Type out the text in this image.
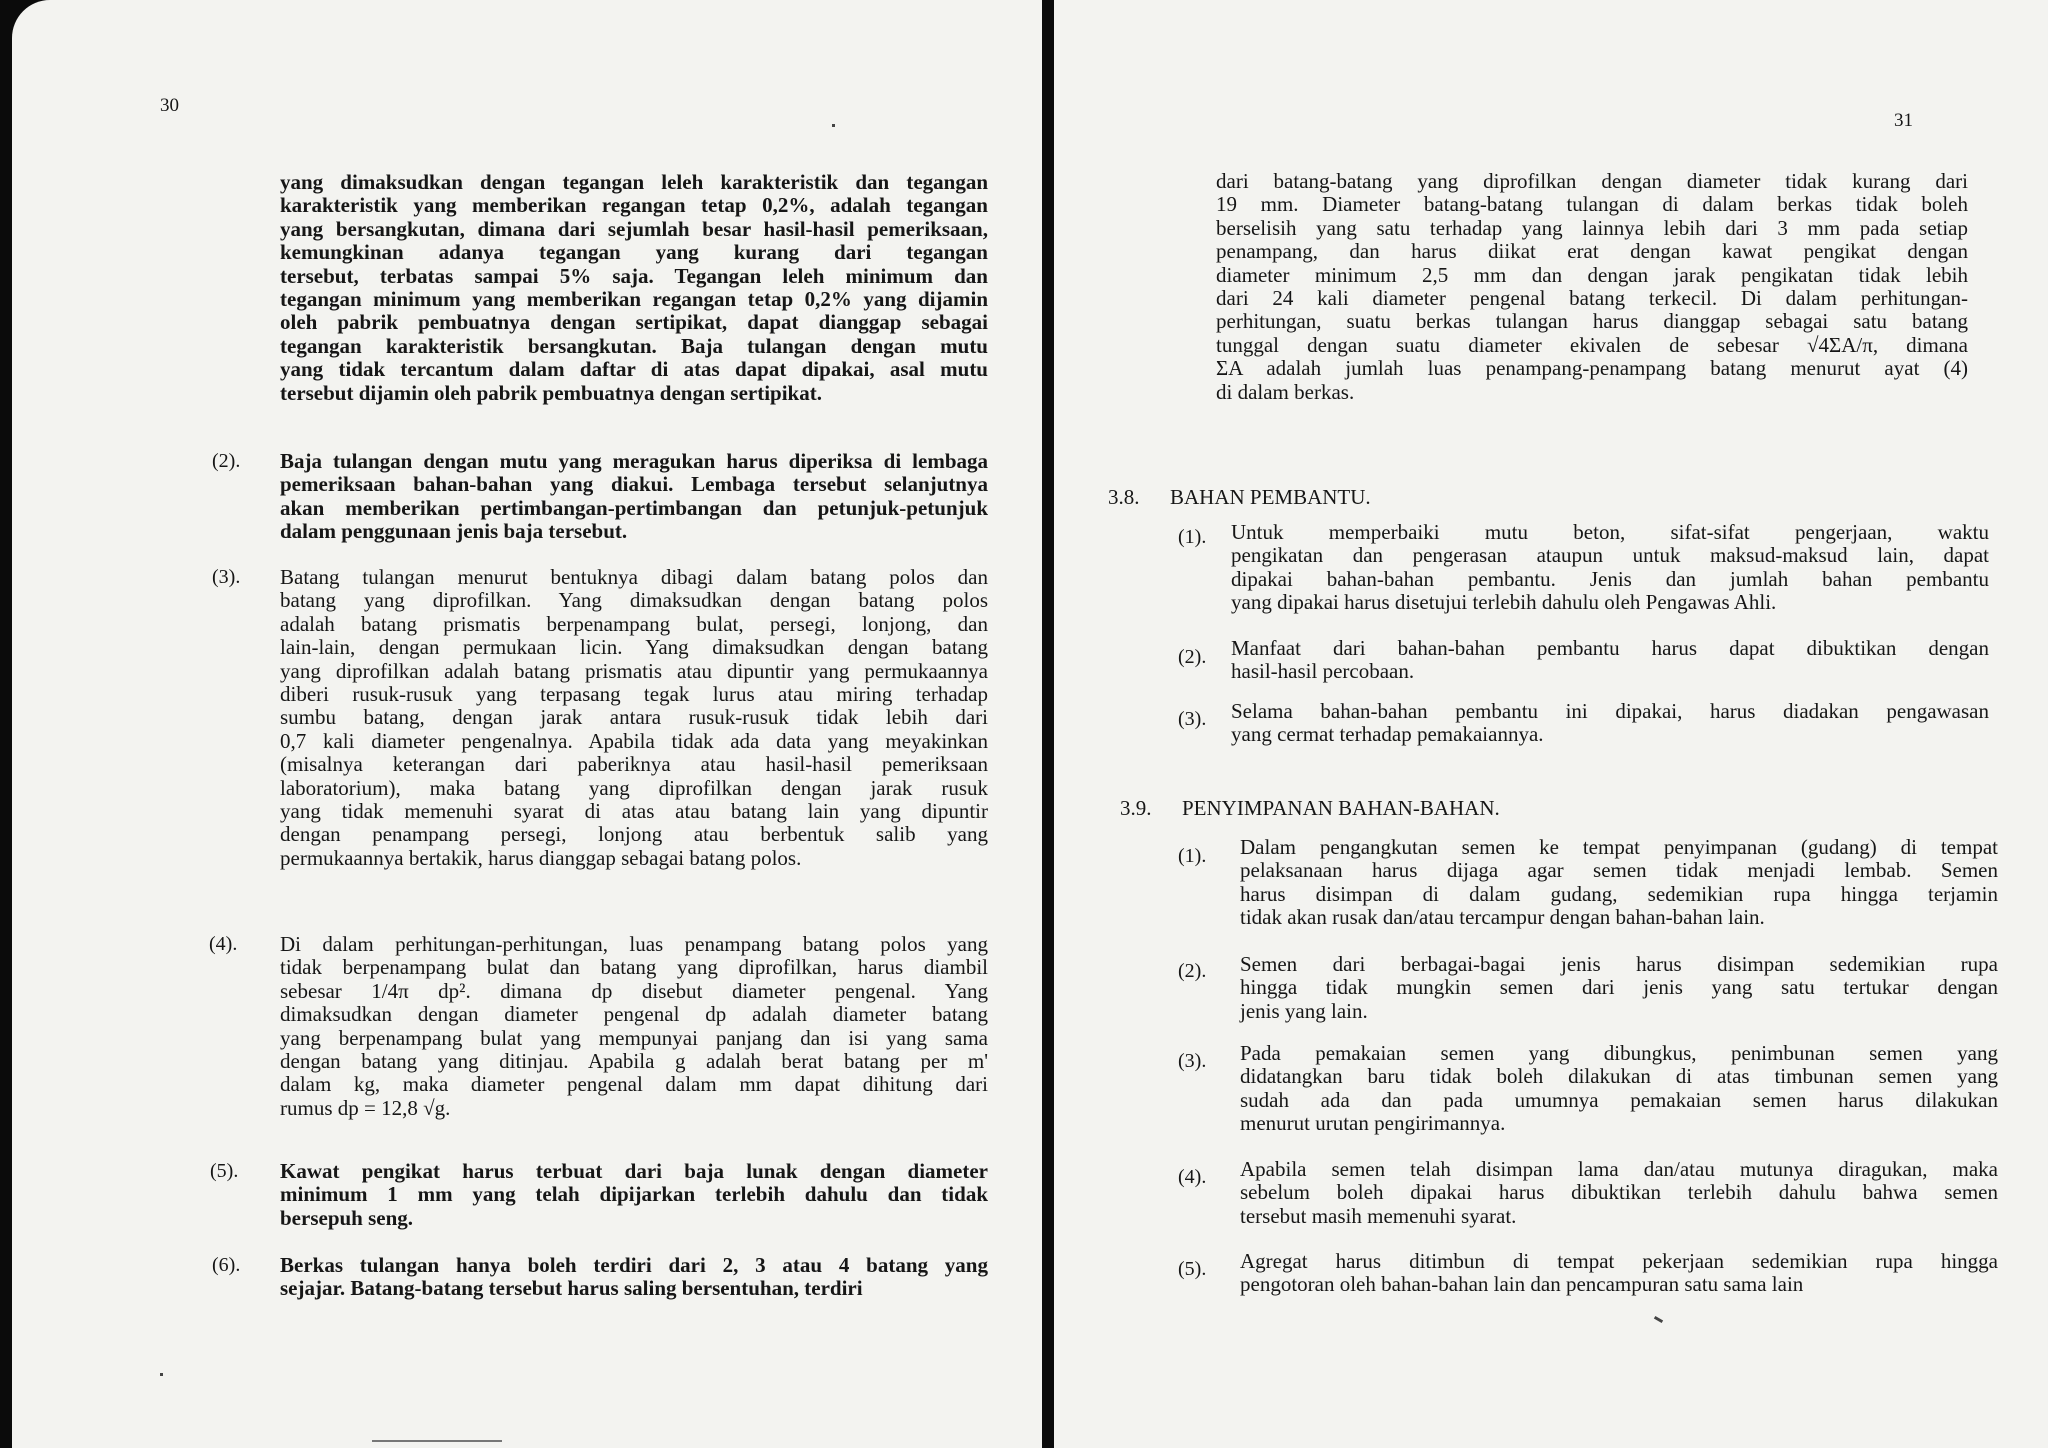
30
yang dimaksudkan dengan tegangan leleh karakteristik dan tegangan
karakteristik yang memberikan regangan tetap 0,2%, adalah tegangan
yang bersangkutan, dimana dari sejumlah besar hasil-hasil pemeriksaan,
kemungkinan adanya tegangan yang kurang dari tegangan
tersebut, terbatas sampai 5% saja. Tegangan leleh minimum dan
tegangan minimum yang memberikan regangan tetap 0,2% yang dijamin
oleh pabrik pembuatnya dengan sertipikat, dapat dianggap sebagai
tegangan karakteristik bersangkutan. Baja tulangan dengan mutu
yang tidak tercantum dalam daftar di atas dapat dipakai, asal mutu
tersebut dijamin oleh pabrik pembuatnya dengan sertipikat.
(2). Baja tulangan dengan mutu yang meragukan harus diperiksa di lembaga
pemeriksaan bahan-bahan yang diakui. Lembaga tersebut selanjutnya
akan memberikan pertimbangan-pertimbangan dan petunjuk-petunjuk
dalam penggunaan jenis baja tersebut.
(3). Batang tulangan menurut bentuknya dibagi dalam batang polos dan
batang yang diprofilkan. Yang dimaksudkan dengan batang polos
adalah batang prismatis berpenampang bulat, persegi, lonjong, dan
lain-lain, dengan permukaan licin. Yang dimaksudkan dengan batang
yang diprofilkan adalah batang prismatis atau dipuntir yang permukaannya
diberi rusuk-rusuk yang terpasang tegak lurus atau miring terhadap
sumbu batang, dengan jarak antara rusuk-rusuk tidak lebih dari
0,7 kali diameter pengenalnya. Apabila tidak ada data yang meyakinkan
(misalnya keterangan dari paberiknya atau hasil-hasil pemeriksaan
laboratorium), maka batang yang diprofilkan dengan jarak rusuk
yang tidak memenuhi syarat di atas atau batang lain yang dipuntir
dengan penampang persegi, lonjong atau berbentuk salib yang
permukaannya bertakik, harus dianggap sebagai batang polos.
(4). Di dalam perhitungan-perhitungan, luas penampang batang polos yang
tidak berpenampang bulat dan batang yang diprofilkan, harus diambil
sebesar 1/4π dp². dimana dp disebut diameter pengenal. Yang
dimaksudkan dengan diameter pengenal dp adalah diameter batang
yang berpenampang bulat yang mempunyai panjang dan isi yang sama
dengan batang yang ditinjau. Apabila g adalah berat batang per m'
dalam kg, maka diameter pengenal dalam mm dapat dihitung dari
rumus dp = 12,8 √g.
(5). Kawat pengikat harus terbuat dari baja lunak dengan diameter
minimum 1 mm yang telah dipijarkan terlebih dahulu dan tidak
bersepuh seng.
(6). Berkas tulangan hanya boleh terdiri dari 2, 3 atau 4 batang yang
sejajar. Batang-batang tersebut harus saling bersentuhan, terdiri
31
dari batang-batang yang diprofilkan dengan diameter tidak kurang dari
19 mm. Diameter batang-batang tulangan di dalam berkas tidak boleh
berselisih yang satu terhadap yang lainnya lebih dari 3 mm pada setiap
penampang, dan harus diikat erat dengan kawat pengikat dengan
diameter minimum 2,5 mm dan dengan jarak pengikatan tidak lebih
dari 24 kali diameter pengenal batang terkecil. Di dalam perhitungan-
perhitungan, suatu berkas tulangan harus dianggap sebagai satu batang
tunggal dengan suatu diameter ekivalen de sebesar √4ΣA/π, dimana
ΣA adalah jumlah luas penampang-penampang batang menurut ayat (4)
di dalam berkas.
3.8. BAHAN PEMBANTU.
(1). Untuk memperbaiki mutu beton, sifat-sifat pengerjaan, waktu
pengikatan dan pengerasan ataupun untuk maksud-maksud lain, dapat
dipakai bahan-bahan pembantu. Jenis dan jumlah bahan pembantu
yang dipakai harus disetujui terlebih dahulu oleh Pengawas Ahli.
(2). Manfaat dari bahan-bahan pembantu harus dapat dibuktikan dengan
hasil-hasil percobaan.
(3). Selama bahan-bahan pembantu ini dipakai, harus diadakan pengawasan
yang cermat terhadap pemakaiannya.
3.9. PENYIMPANAN BAHAN-BAHAN.
(1). Dalam pengangkutan semen ke tempat penyimpanan (gudang) di tempat
pelaksanaan harus dijaga agar semen tidak menjadi lembab. Semen
harus disimpan di dalam gudang, sedemikian rupa hingga terjamin
tidak akan rusak dan/atau tercampur dengan bahan-bahan lain.
(2). Semen dari berbagai-bagai jenis harus disimpan sedemikian rupa
hingga tidak mungkin semen dari jenis yang satu tertukar dengan
jenis yang lain.
(3). Pada pemakaian semen yang dibungkus, penimbunan semen yang
didatangkan baru tidak boleh dilakukan di atas timbunan semen yang
sudah ada dan pada umumnya pemakaian semen harus dilakukan
menurut urutan pengirimannya.
(4). Apabila semen telah disimpan lama dan/atau mutunya diragukan, maka
sebelum boleh dipakai harus dibuktikan terlebih dahulu bahwa semen
tersebut masih memenuhi syarat.
(5). Agregat harus ditimbun di tempat pekerjaan sedemikian rupa hingga
pengotoran oleh bahan-bahan lain dan pencampuran satu sama lain
